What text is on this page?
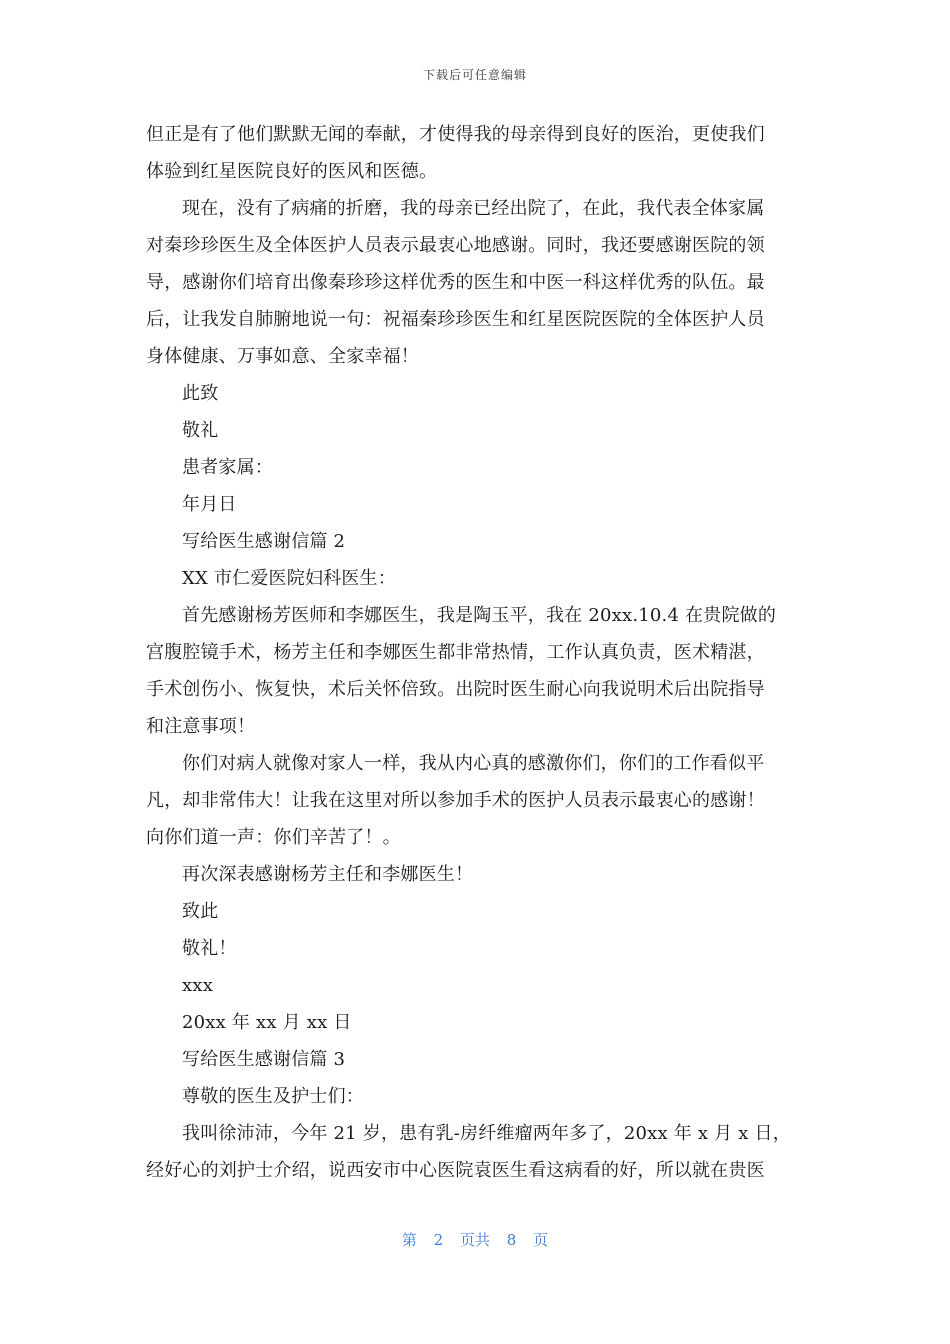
下载后可任意编辑
但正是有了他们默默无闻的奉献，才使得我的母亲得到良好的医治，更使我们
体验到红星医院良好的医风和医德。
现在，没有了病痛的折磨，我的母亲已经出院了，在此，我代表全体家属
对秦珍珍医生及全体医护人员表示最衷心地感谢。同时，我还要感谢医院的领
导，感谢你们培育出像秦珍珍这样优秀的医生和中医一科这样优秀的队伍。最
后，让我发自肺腑地说一句：祝福秦珍珍医生和红星医院医院的全体医护人员
身体健康、万事如意、全家幸福！
此致
敬礼
患者家属：
年月日
写给医生感谢信篇 2
XX 市仁爱医院妇科医生：
首先感谢杨芳医师和李娜医生，我是陶玉平，我在 20xx.10.4 在贵院做的
宫腹腔镜手术，杨芳主任和李娜医生都非常热情，工作认真负责，医术精湛，
手术创伤小、恢复快，术后关怀倍致。出院时医生耐心向我说明术后出院指导
和注意事项！
你们对病人就像对家人一样，我从内心真的感激你们，你们的工作看似平
凡，却非常伟大！让我在这里对所以参加手术的医护人员表示最衷心的感谢！
向你们道一声：你们辛苦了！。
再次深表感谢杨芳主任和李娜医生！
致此
敬礼！
xxx
20xx 年 xx 月 xx 日
写给医生感谢信篇 3
尊敬的医生及护士们：
我叫徐沛沛，今年 21 岁，患有乳-房纤维瘤两年多了，20xx 年 x 月 x 日，
经好心的刘护士介绍，说西安市中心医院袁医生看这病看的好，所以就在贵医
第 2 页共 8 页
